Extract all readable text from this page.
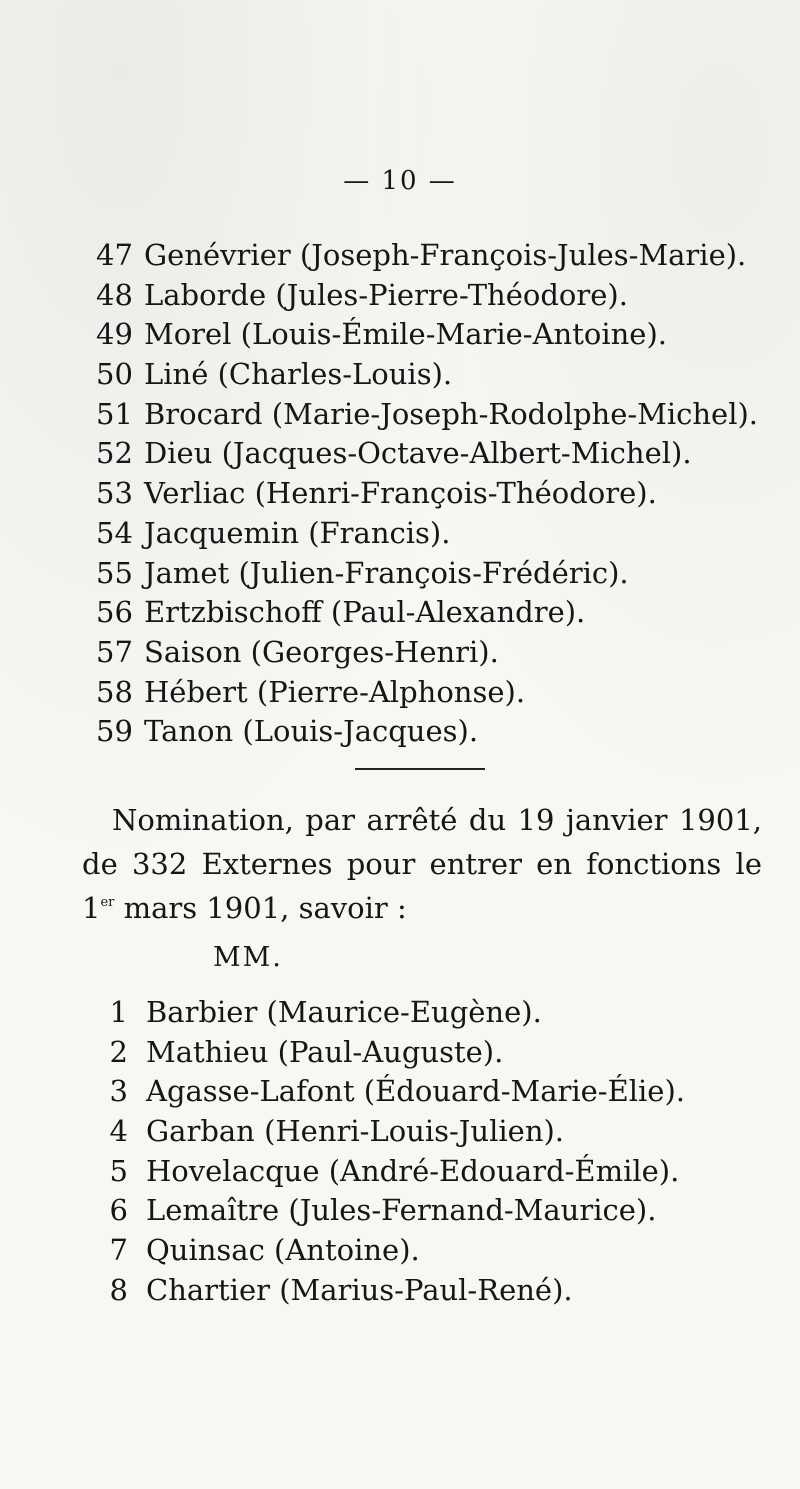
— 10 —
47 Genévrier (Joseph-François-Jules-Marie).
48 Laborde (Jules-Pierre-Théodore).
49 Morel (Louis-Émile-Marie-Antoine).
50 Liné (Charles-Louis).
51 Brocard (Marie-Joseph-Rodolphe-Michel).
52 Dieu (Jacques-Octave-Albert-Michel).
53 Verliac (Henri-François-Théodore).
54 Jacquemin (Francis).
55 Jamet (Julien-François-Frédéric).
56 Ertzbischoff (Paul-Alexandre).
57 Saison (Georges-Henri).
58 Hébert (Pierre-Alphonse).
59 Tanon (Louis-Jacques).

Nomination, par arrêté du 19 janvier 1901, de 332 Externes pour entrer en fonctions le 1er mars 1901, savoir :

MM.
1 Barbier (Maurice-Eugène).
2 Mathieu (Paul-Auguste).
3 Agasse-Lafont (Édouard-Marie-Élie).
4 Garban (Henri-Louis-Julien).
5 Hovelacque (André-Edouard-Émile).
6 Lemaître (Jules-Fernand-Maurice).
7 Quinsac (Antoine).
8 Chartier (Marius-Paul-René).
